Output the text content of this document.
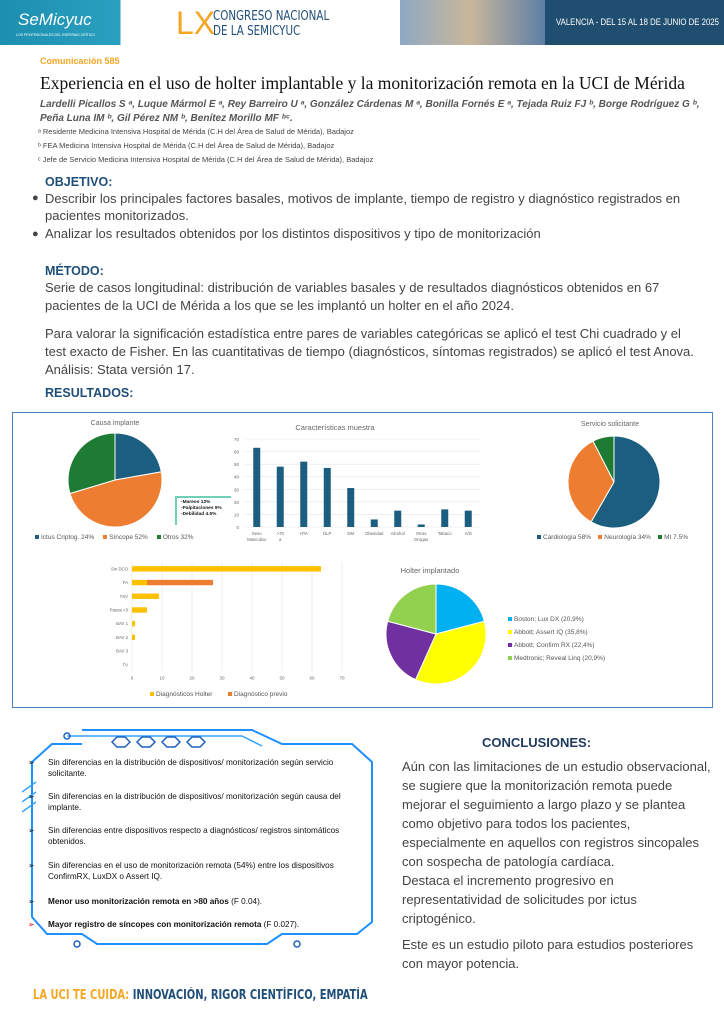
SeMicyuc
LOS PROFESIONALES DEL ENFERMO CRÍTICO	LX
CONGRESO NACIONAL
DE LA SEMICYUC
VALENCIA - DEL 15 AL 18 DE JUNIO DE 2025
Comunicación 585
Experiencia en el uso de holter implantable y la monitorización remota en la UCI de Mérida
Lardelli Picallos S ᵃ, Luque Mármol E ᵃ, Rey Barreiro U ᵃ, González Cárdenas M ᵃ, Bonilla Fornés E ᵃ, Tejada Ruiz FJ ᵇ, Borge Rodríguez G ᵇ, Peña Luna IM ᵇ, Gil Pérez NM ᵇ, Benítez Morillo MF ᵇᶜ.
ᵃ Residente Medicina Intensiva Hospital de Mérida (C.H del Área de Salud de Mérida), Badajoz
ᵇ FEA Medicina Intensiva Hospital de Mérida (C.H del Área de Salud de Mérida), Badajoz
ᶜ Jefe de Servicio Medicina Intensiva Hospital de Mérida (C.H del Área de Salud de Mérida), Badajoz
OBJETIVO:
● Describir los principales factores basales, motivos de implante, tiempo de registro y diagnóstico registrados en pacientes monitorizados.
● Analizar los resultados obtenidos por los distintos dispositivos y tipo de monitorización
MÉTODO:
Serie de casos longitudinal: distribución de variables basales y de resultados diagnósticos obtenidos en 67 pacientes de la UCI de Mérida a los que se les implantó un holter en el año 2024.
Para valorar la significación estadística entre pares de variables categóricas se aplicó el test Chi cuadrado y el test exacto de Fisher. En las cuantitativas de tiempo (diagnósticos, síntomas registrados) se aplicó el test Anova. Análisis: Stata versión 17.
RESULTADOS:
Causa implante
Ictus Criptog. 24% Síncope 52% Otros 32%
-Mareos 13%
-Palpitaciones 9%
-Debilidad 4.5%
Características muestra
0
10
20
30
40
50
60
70
Sexo
Masculino
>70
a
HTA	DLP	DM	Obesidad Alcohol	Otras
Drogas
Tabaco	A/D
Servicio solicitante
Cardiología 58% Neurología 34% MI 7.5%
0	10	20	30	40	50	60	70
Sin DCO
FA
TSV
Pausa >3
BAV 1
BAV 2
BAV 3
TV
Diagnósticos Holter	Diagnóstico previo
Holter implantado
Boston; Lux DX (20,9%)
Abbott; Assert IQ (35,8%)
Abbott; Confirm RX (22,4%)
Medtronic; Reveal Linq (20,9%)
➢ Sin diferencias en la distribución de dispositivos/ monitorización según servicio solicitante.
➢ Sin diferencias en la distribución de dispositivos/ monitorización según causa del implante.
➢ Sin diferencias entre dispositivos respecto a diagnósticos/ registros sintomáticos obtenidos.
➢ Sin diferencias en el uso de monitorización remota (54%) entre los dispositivos ConfirmRX, LuxDX o Assert IQ.
➢ Menor uso monitorización remota en >80 años (F 0.04).
➢ Mayor registro de síncopes con monitorización remota (F 0.027).
CONCLUSIONES:
Aún con las limitaciones de un estudio observacional, se sugiere que la monitorización remota puede mejorar el seguimiento a largo plazo y se plantea como objetivo para todos los pacientes, especialmente en aquellos con registros sincopales con sospecha de patología cardíaca.
Destaca el incremento progresivo en representatividad de solicitudes por ictus criptogénico.
Este es un estudio piloto para estudios posteriores con mayor potencia.
LA UCI TE CUIDA: INNOVACIÓN, RIGOR CIENTÍFICO, EMPATÍA
